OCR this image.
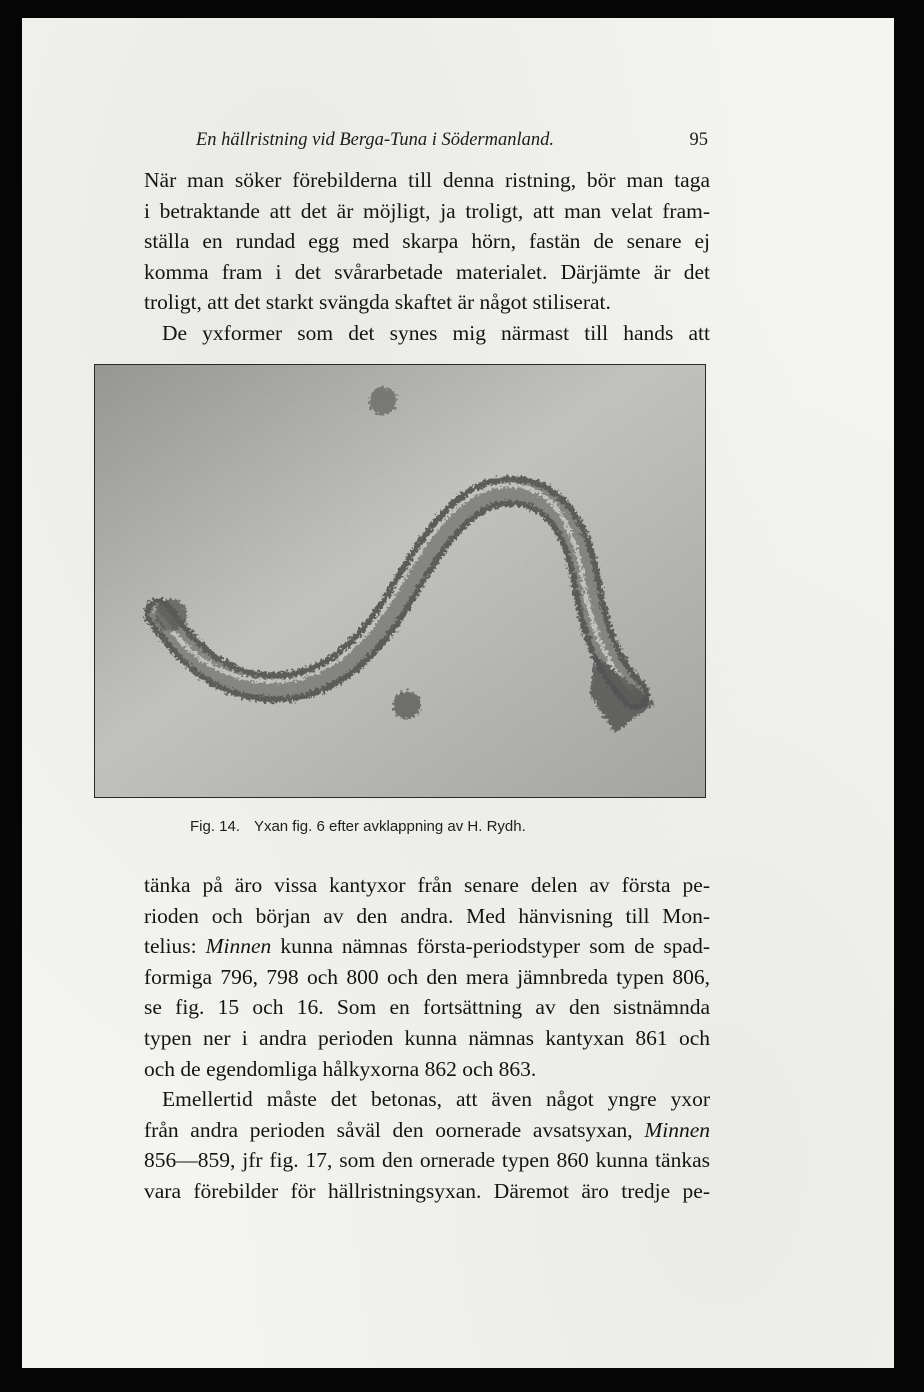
En hällristning vid Berga-Tuna i Södermanland.	95
När man söker förebilderna till denna ristning, bör man taga
i betraktande att det är möjligt, ja troligt, att man velat fram-
ställa en rundad egg med skarpa hörn, fastän de senare ej
komma fram i det svårarbetade materialet. Därjämte är det
troligt, att det starkt svängda skaftet är något stiliserat.
De yxformer som det synes mig närmast till hands att
Fig. 14. Yxan fig. 6 efter avklappning av H. Rydh.
tänka på äro vissa kantyxor från senare delen av första pe-
rioden och början av den andra. Med hänvisning till Mon-
telius: Minnen kunna nämnas första-periodstyper som de spad-
formiga 796, 798 och 800 och den mera jämnbreda typen 806,
se fig. 15 och 16. Som en fortsättning av den sistnämnda
typen ner i andra perioden kunna nämnas kantyxan 861 och
och de egendomliga hålkyxorna 862 och 863.
Emellertid måste det betonas, att även något yngre yxor
från andra perioden såväl den oornerade avsatsyxan, Minnen
856—859, jfr fig. 17, som den ornerade typen 860 kunna tänkas
vara förebilder för hällristningsyxan. Däremot äro tredje pe-
